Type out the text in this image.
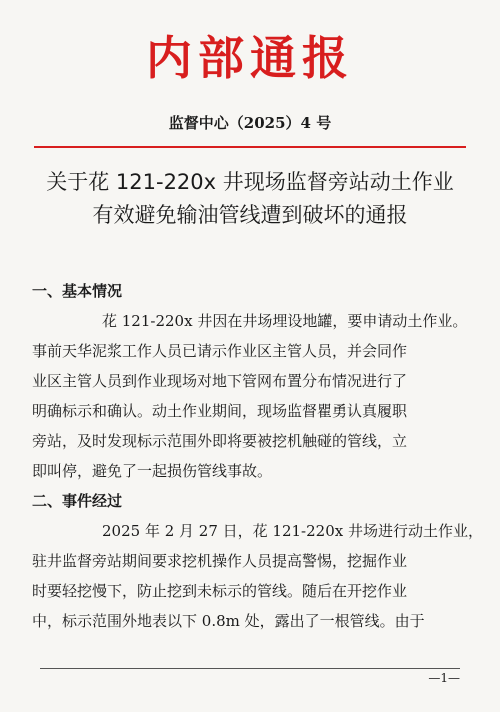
内部通报
监督中心（2025）4 号
关于花 121-220x 井现场监督旁站动土作业
有效避免输油管线遭到破坏的通报
一、基本情况
花 121-220x 井因在井场埋设地罐，要申请动土作业。
事前天华泥浆工作人员已请示作业区主管人员，并会同作
业区主管人员到作业现场对地下管网布置分布情况进行了
明确标示和确认。动土作业期间，现场监督瞿勇认真履职
旁站，及时发现标示范围外即将要被挖机触碰的管线，立
即叫停，避免了一起损伤管线事故。
二、事件经过
2025 年 2 月 27 日，花 121-220x 井场进行动土作业，
驻井监督旁站期间要求挖机操作人员提高警惕，挖掘作业
时要轻挖慢下，防止挖到未标示的管线。随后在开挖作业
中，标示范围外地表以下 0.8m 处，露出了一根管线。由于
—1—
